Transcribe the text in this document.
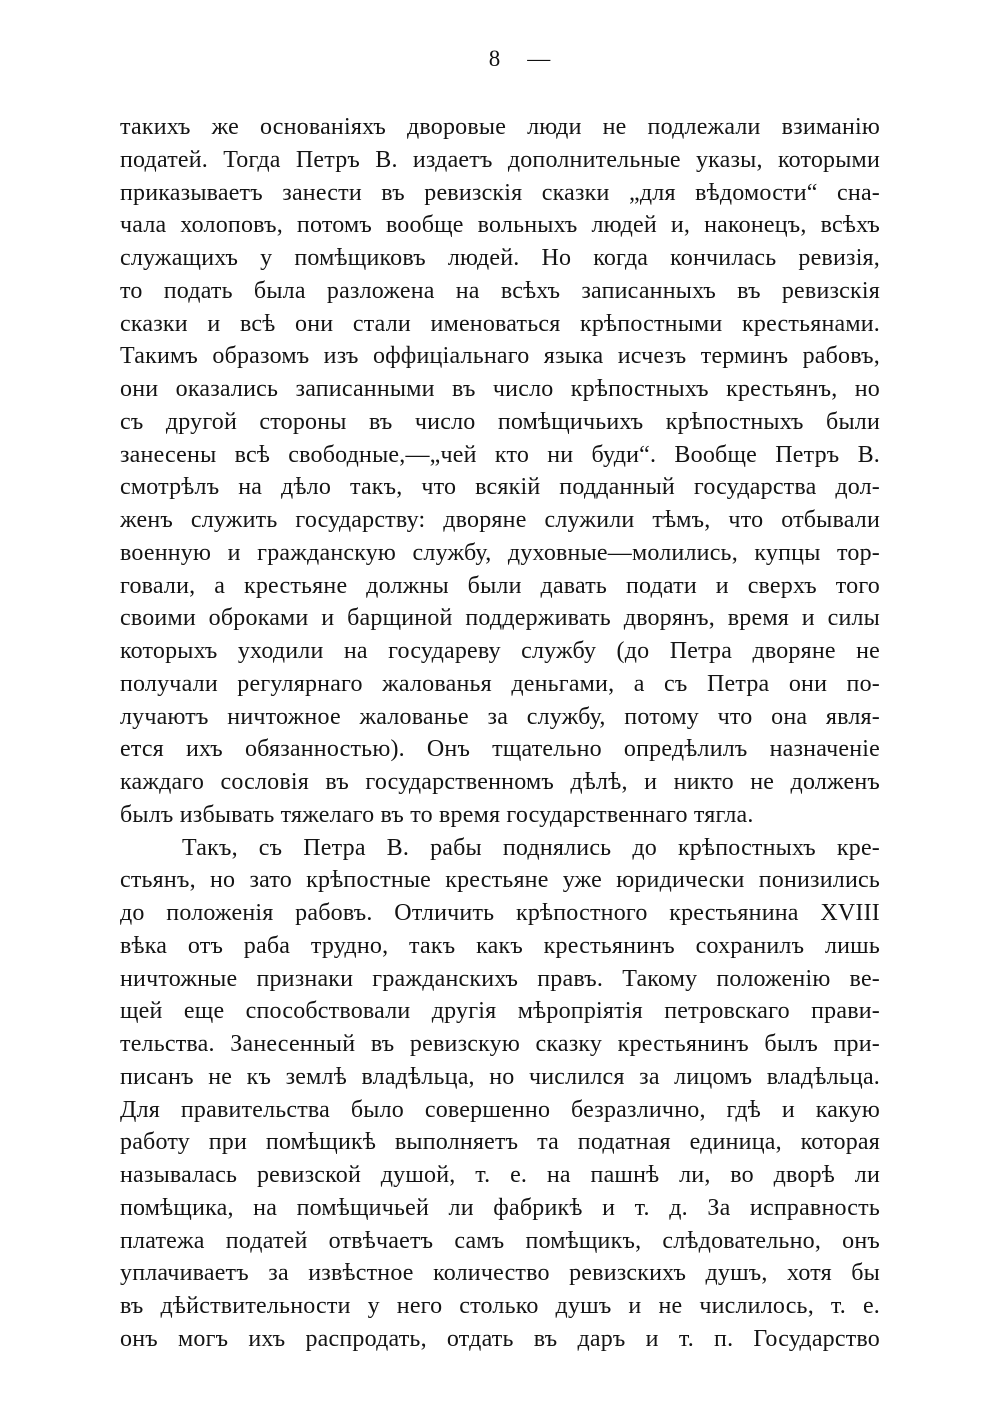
8 —
такихъ же основаніяхъ дворовые люди не подлежали взиманію
податей. Тогда Петръ В. издаетъ дополнительные указы, которыми
приказываетъ занести въ ревизскія сказки „для вѣдомости“ сна-
чала холоповъ, потомъ вообще вольныхъ людей и, наконецъ, всѣхъ
служащихъ у помѣщиковъ людей. Но когда кончилась ревизія,
то подать была разложена на всѣхъ записанныхъ въ ревизскія
сказки и всѣ они стали именоваться крѣпостными крестьянами.
Такимъ образомъ изъ оффиціальнаго языка исчезъ терминъ рабовъ,
они оказались записанными въ число крѣпостныхъ крестьянъ, но
съ другой стороны въ число помѣщичьихъ крѣпостныхъ были
занесены всѣ свободные,—„чей кто ни буди“. Вообще Петръ В.
смотрѣлъ на дѣло такъ, что всякій подданный государства дол-
женъ служить государству: дворяне служили тѣмъ, что отбывали
военную и гражданскую службу, духовные—молились, купцы тор-
говали, а крестьяне должны были давать подати и сверхъ того
своими оброками и барщиной поддерживать дворянъ, время и силы
которыхъ уходили на государеву службу (до Петра дворяне не
получали регулярнаго жалованья деньгами, а съ Петра они по-
лучаютъ ничтожное жалованье за службу, потому что она явля-
ется ихъ обязанностью). Онъ тщательно опредѣлилъ назначеніе
каждаго сословія въ государственномъ дѣлѣ, и никто не долженъ
былъ избывать тяжелаго въ то время государственнаго тягла.
Такъ, съ Петра В. рабы поднялись до крѣпостныхъ кре-
стьянъ, но зато крѣпостные крестьяне уже юридически понизились
до положенія рабовъ. Отличить крѣпостного крестьянина XVIII
вѣка отъ раба трудно, такъ какъ крестьянинъ сохранилъ лишь
ничтожные признаки гражданскихъ правъ. Такому положенію ве-
щей еще способствовали другія мѣропріятія петровскаго прави-
тельства. Занесенный въ ревизскую сказку крестьянинъ былъ при-
писанъ не къ землѣ владѣльца, но числился за лицомъ владѣльца.
Для правительства было совершенно безразлично, гдѣ и какую
работу при помѣщикѣ выполняетъ та податная единица, которая
называлась ревизской душой, т. е. на пашнѣ ли, во дворѣ ли
помѣщика, на помѣщичьей ли фабрикѣ и т. д. За исправность
платежа податей отвѣчаетъ самъ помѣщикъ, слѣдовательно, онъ
уплачиваетъ за извѣстное количество ревизскихъ душъ, хотя бы
въ дѣйствительности у него столько душъ и не числилось, т. е.
онъ могъ ихъ распродать, отдать въ даръ и т. п. Государство
